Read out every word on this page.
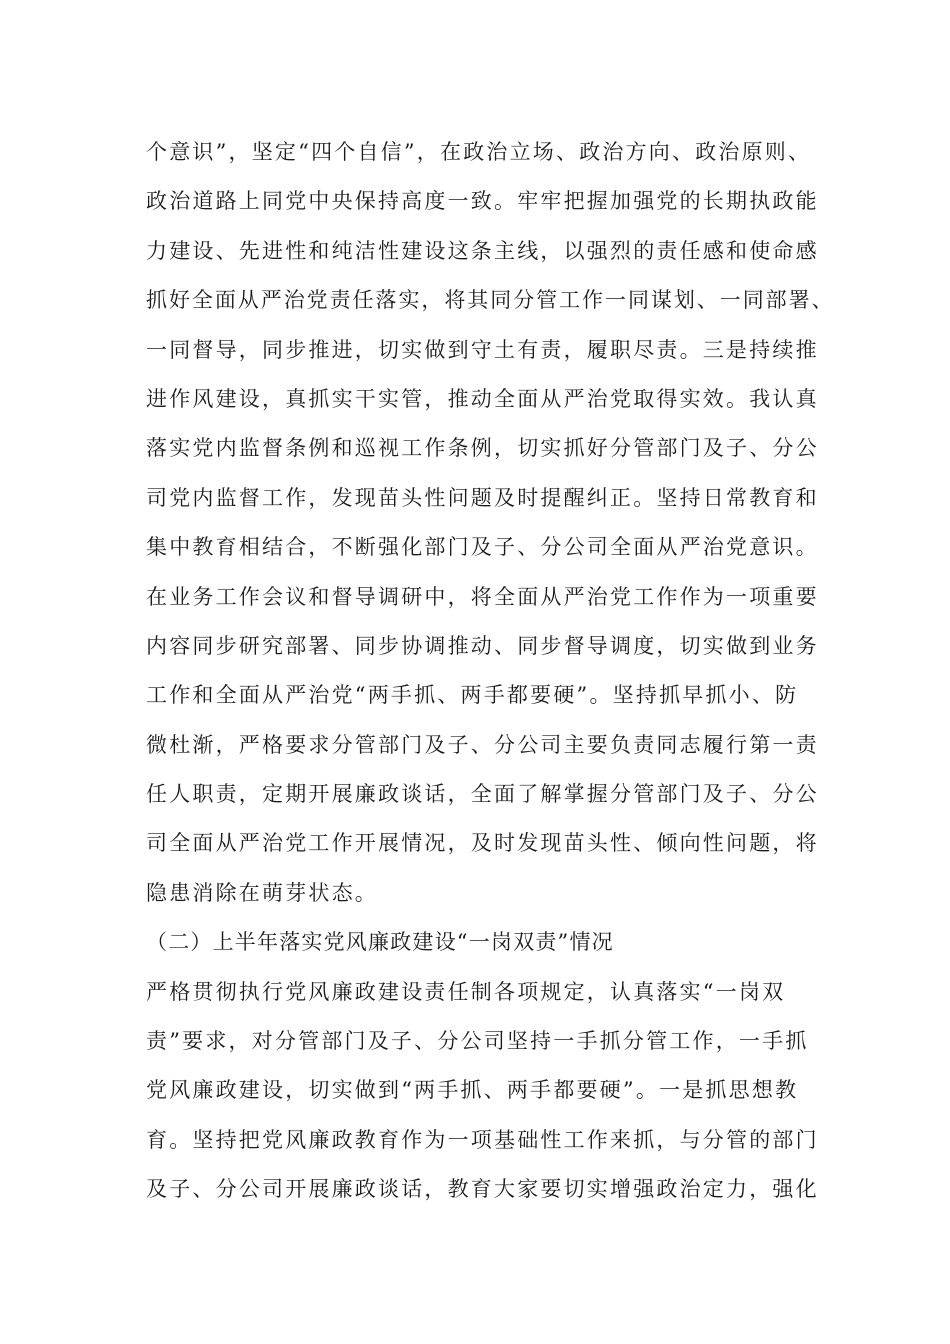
个意识”，坚定“四个自信”，在政治立场、政治方向、政治原则、
政治道路上同党中央保持高度一致。牢牢把握加强党的长期执政能
力建设、先进性和纯洁性建设这条主线，以强烈的责任感和使命感
抓好全面从严治党责任落实，将其同分管工作一同谋划、一同部署、
一同督导，同步推进，切实做到守土有责，履职尽责。三是持续推
进作风建设，真抓实干实管，推动全面从严治党取得实效。我认真
落实党内监督条例和巡视工作条例，切实抓好分管部门及子、分公
司党内监督工作，发现苗头性问题及时提醒纠正。坚持日常教育和
集中教育相结合，不断强化部门及子、分公司全面从严治党意识。
在业务工作会议和督导调研中，将全面从严治党工作作为一项重要
内容同步研究部署、同步协调推动、同步督导调度，切实做到业务
工作和全面从严治党“两手抓、两手都要硬”。坚持抓早抓小、防
微杜渐，严格要求分管部门及子、分公司主要负责同志履行第一责
任人职责，定期开展廉政谈话，全面了解掌握分管部门及子、分公
司全面从严治党工作开展情况，及时发现苗头性、倾向性问题，将
隐患消除在萌芽状态。
（二）上半年落实党风廉政建设“一岗双责”情况
严格贯彻执行党风廉政建设责任制各项规定，认真落实“一岗双
责”要求，对分管部门及子、分公司坚持一手抓分管工作，一手抓
党风廉政建设，切实做到“两手抓、两手都要硬”。一是抓思想教
育。坚持把党风廉政教育作为一项基础性工作来抓，与分管的部门
及子、分公司开展廉政谈话，教育大家要切实增强政治定力，强化
